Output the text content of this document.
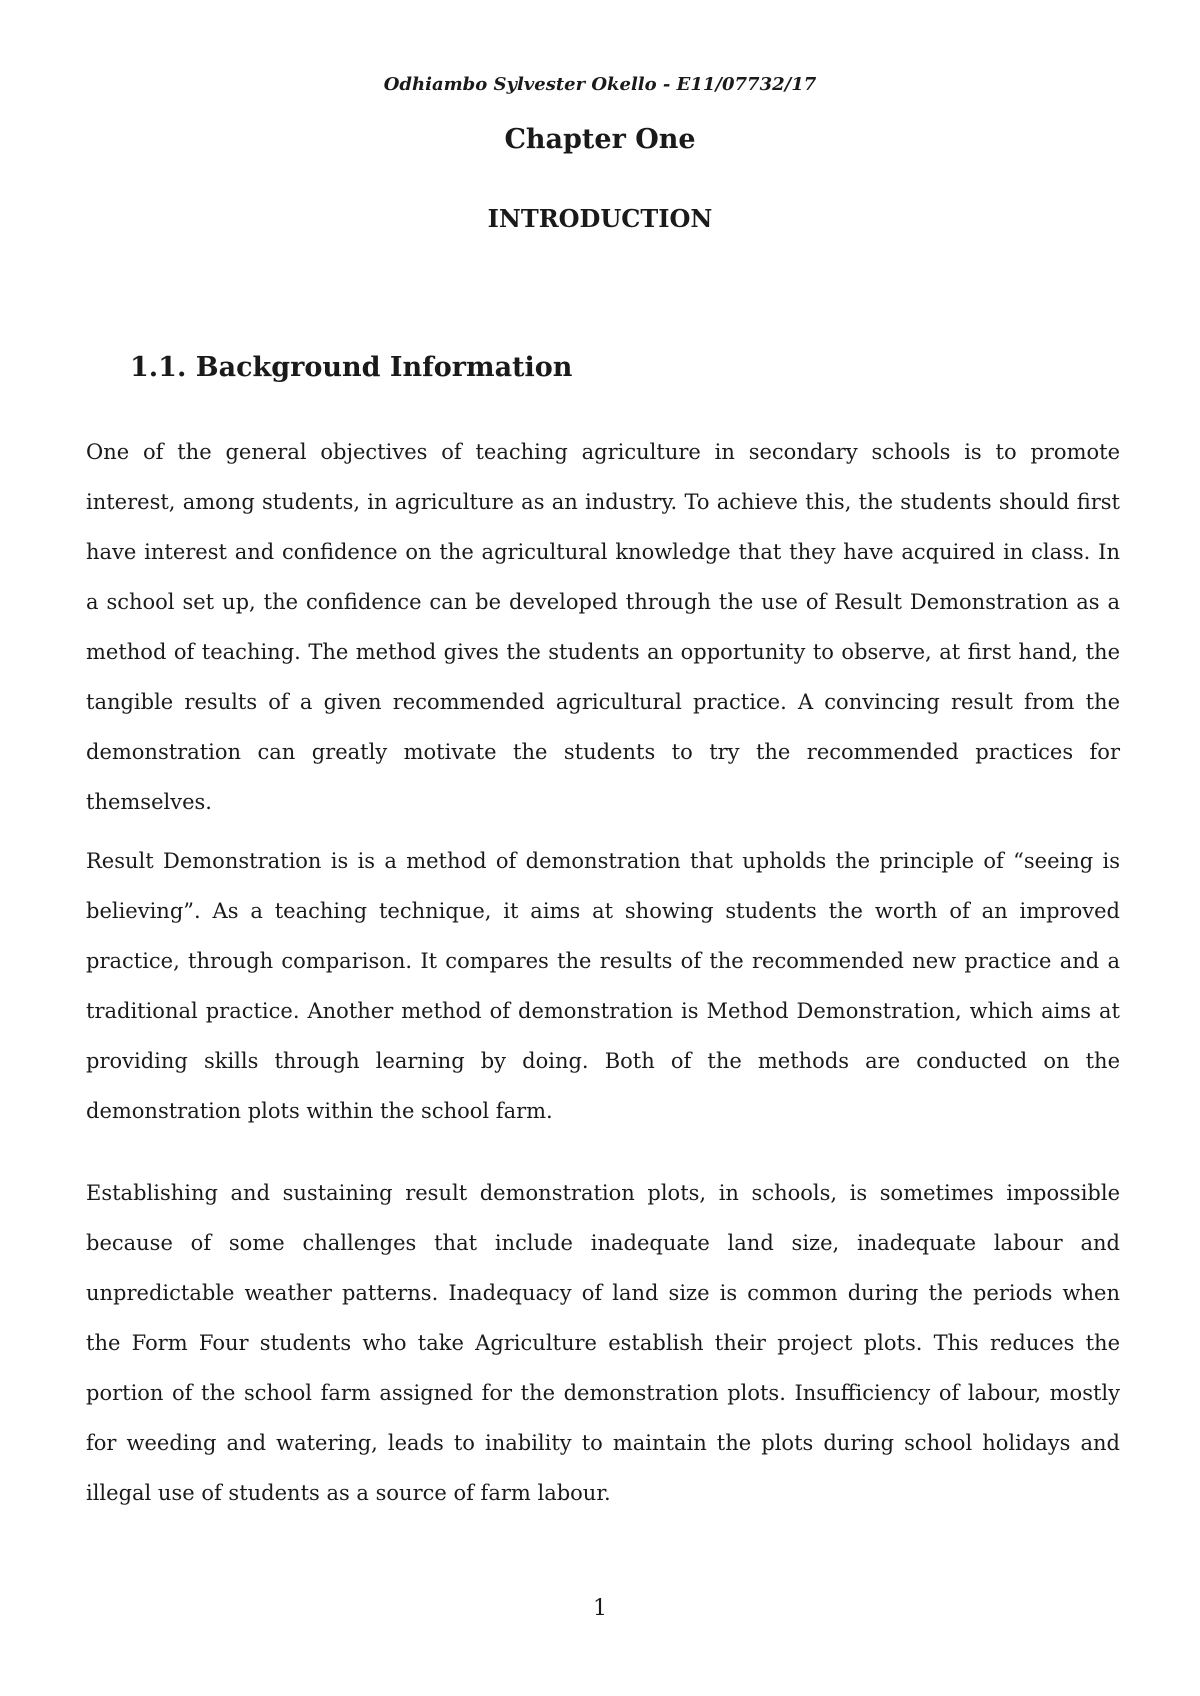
Odhiambo Sylvester Okello - E11/07732/17
Chapter One
INTRODUCTION
1.1. Background Information

One of the general objectives of teaching agriculture in secondary schools is to promote interest, among students, in agriculture as an industry. To achieve this, the students should first have interest and confidence on the agricultural knowledge that they have acquired in class. In a school set up, the confidence can be developed through the use of Result Demonstration as a method of teaching. The method gives the students an opportunity to observe, at first hand, the tangible results of a given recommended agricultural practice. A convincing result from the demonstration can greatly motivate the students to try the recommended practices for themselves.

Result Demonstration is is a method of demonstration that upholds the principle of “seeing is believing”. As a teaching technique, it aims at showing students the worth of an improved practice, through comparison. It compares the results of the recommended new practice and a traditional practice. Another method of demonstration is Method Demonstration, which aims at providing skills through learning by doing. Both of the methods are conducted on the demonstration plots within the school farm.

Establishing and sustaining result demonstration plots, in schools, is sometimes impossible because of some challenges that include inadequate land size, inadequate labour and unpredictable weather patterns. Inadequacy of land size is common during the periods when the Form Four students who take Agriculture establish their project plots. This reduces the portion of the school farm assigned for the demonstration plots. Insufficiency of labour, mostly for weeding and watering, leads to inability to maintain the plots during school holidays and illegal use of students as a source of farm labour.

1
